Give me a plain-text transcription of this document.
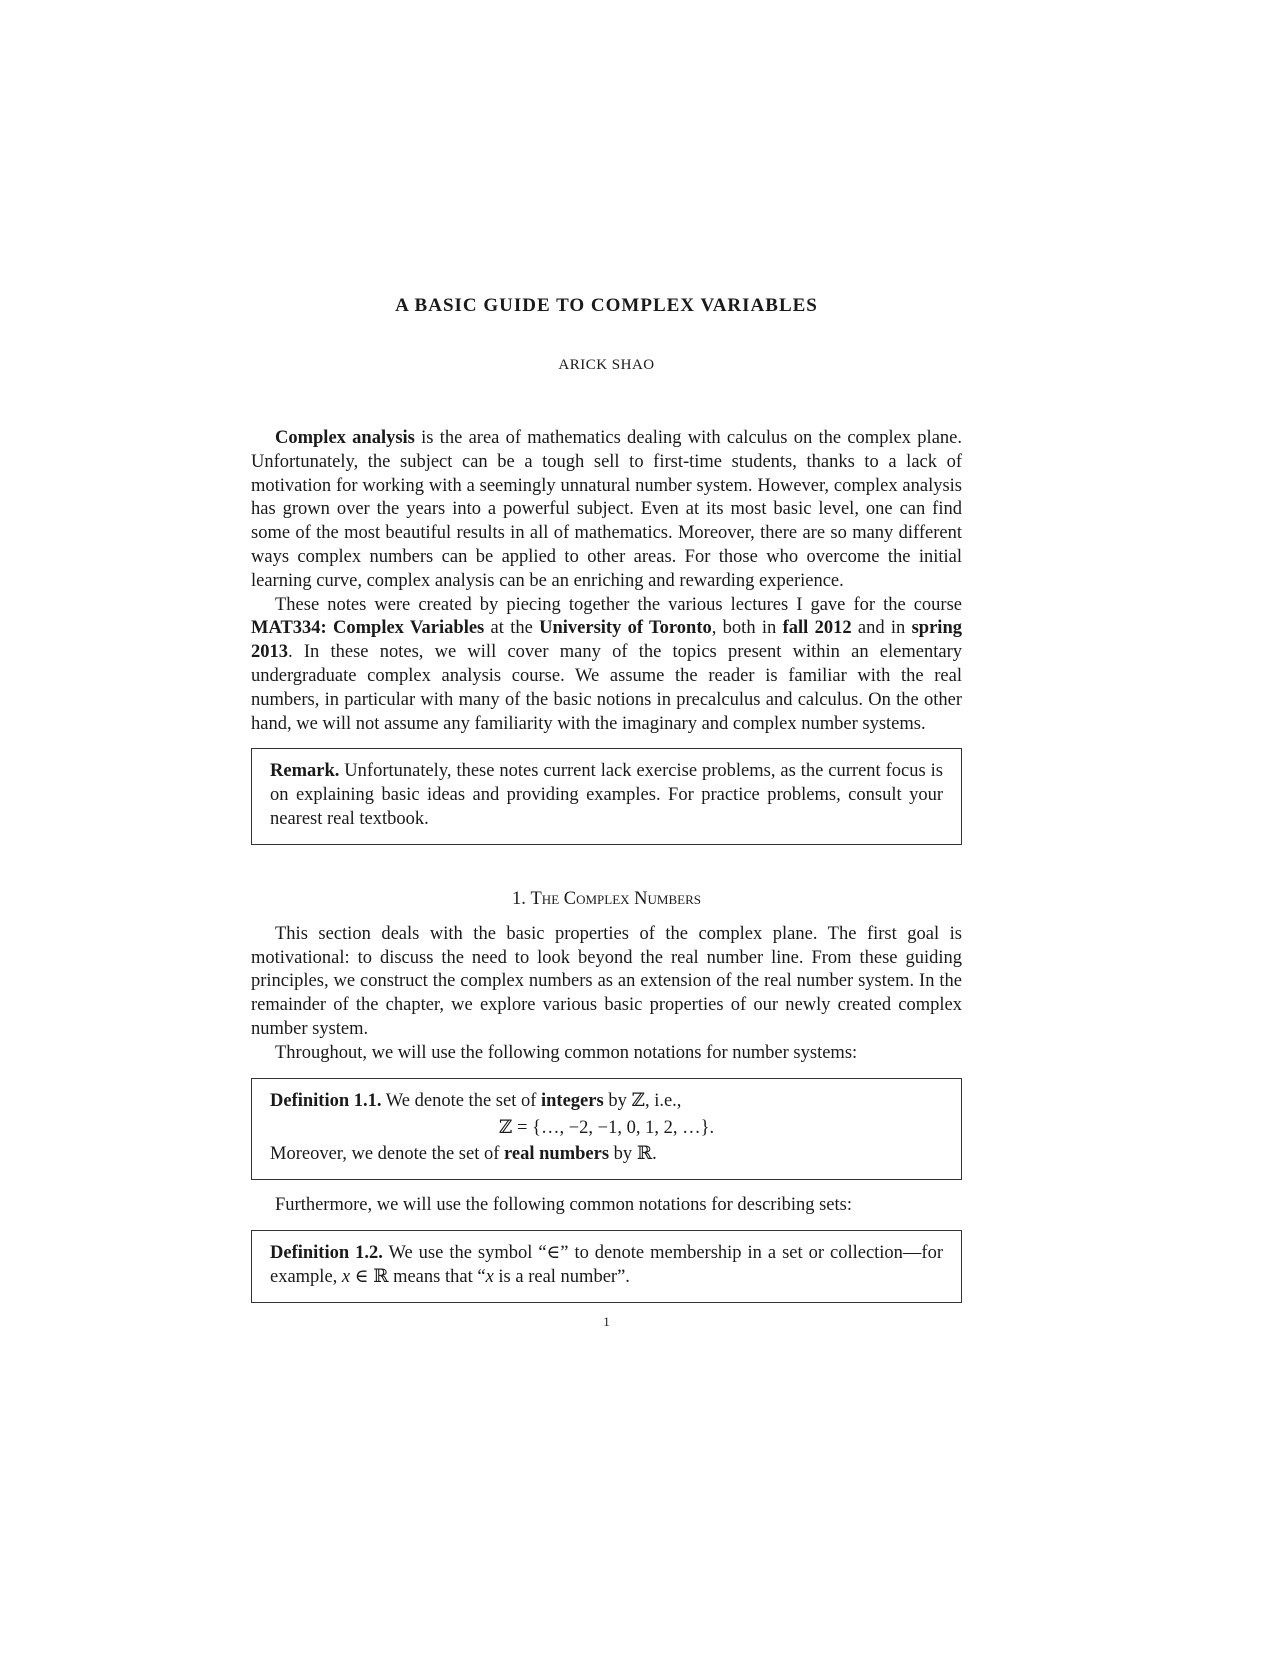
A BASIC GUIDE TO COMPLEX VARIABLES
ARICK SHAO

Complex analysis is the area of mathematics dealing with calculus on the complex plane. Unfortunately, the subject can be a tough sell to first-time students, thanks to a lack of motivation for working with a seemingly unnatural number system. However, complex analysis has grown over the years into a powerful subject. Even at its most basic level, one can find some of the most beautiful results in all of mathematics. Moreover, there are so many different ways complex numbers can be applied to other areas. For those who overcome the initial learning curve, complex analysis can be an enriching and rewarding experience.

These notes were created by piecing together the various lectures I gave for the course MAT334: Complex Variables at the University of Toronto, both in fall 2012 and in spring 2013. In these notes, we will cover many of the topics present within an elementary undergraduate complex analysis course. We assume the reader is familiar with the real numbers, in particular with many of the basic notions in precalculus and calculus. On the other hand, we will not assume any familiarity with the imaginary and complex number systems.

Remark. Unfortunately, these notes current lack exercise problems, as the current focus is on explaining basic ideas and providing examples. For practice problems, consult your nearest real textbook.

1. The Complex Numbers

This section deals with the basic properties of the complex plane. The first goal is motivational: to discuss the need to look beyond the real number line. From these guiding principles, we construct the complex numbers as an extension of the real number system. In the remainder of the chapter, we explore various basic properties of our newly created complex number system.

Throughout, we will use the following common notations for number systems:

Definition 1.1. We denote the set of integers by ℤ, i.e.,

ℤ = {…, −2, −1, 0, 1, 2, …}.

Moreover, we denote the set of real numbers by ℝ.

Furthermore, we will use the following common notations for describing sets:

Definition 1.2. We use the symbol “∈” to denote membership in a set or collection—for example, x ∈ ℝ means that “x is a real number”.

1
